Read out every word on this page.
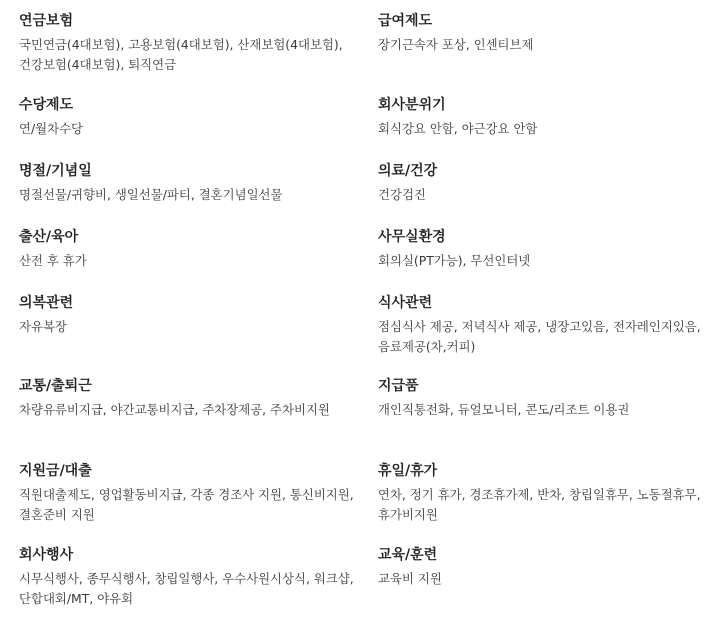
연금보험
국민연금(4대보험), 고용보험(4대보험), 산재보험(4대보험), 건강보험(4대보험), 퇴직연금
수당제도
연/월차수당
명절/기념일
명절선물/귀향비, 생일선물/파티, 결혼기념일선물
출산/육아
산전 후 휴가
의복관련
자유복장
교통/출퇴근
차량유류비지급, 야간교통비지급, 주차장제공, 주차비지원
지원금/대출
직원대출제도, 영업활동비지급, 각종 경조사 지원, 통신비지원, 결혼준비 지원
회사행사
시무식행사, 종무식행사, 창립일행사, 우수사원시상식, 워크샵, 단합대회/MT, 야유회
급여제도
장기근속자 포상, 인센티브제
회사분위기
회식강요 안함, 야근강요 안함
의료/건강
건강검진
사무실환경
회의실(PT가능), 무선인터넷
식사관련
점심식사 제공, 저녁식사 제공, 냉장고있음, 전자레인지있음, 음료제공(차,커피)
지급품
개인직통전화, 듀얼모니터, 콘도/리조트 이용권
휴일/휴가
연차, 정기 휴가, 경조휴가제, 반차, 창립일휴무, 노동절휴무, 휴가비지원
교육/훈련
교육비 지원
